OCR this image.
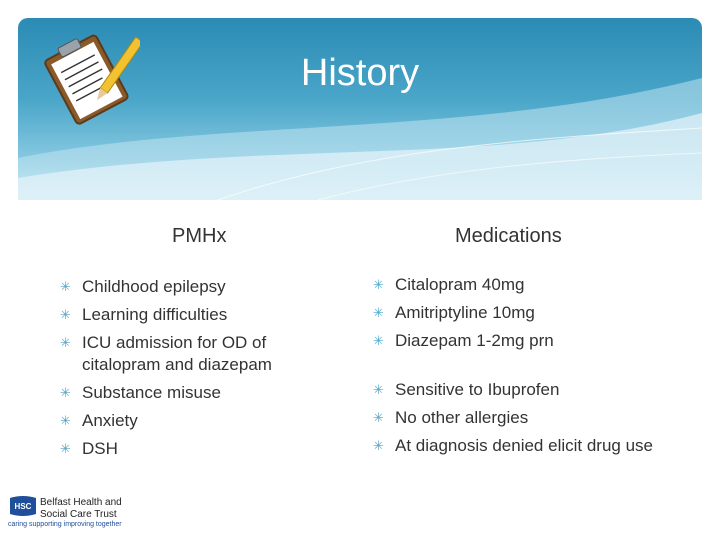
History
PMHx	Medications
✳ Childhood epilepsy
✳ Learning difficulties
✳ ICU admission for OD of citalopram and diazepam
✳ Substance misuse
✳ Anxiety
✳ DSH
✳ Citalopram 40mg
✳ Amitriptyline 10mg
✳ Diazepam 1-2mg prn
✳ Sensitive to Ibuprofen
✳ No other allergies
✳ At diagnosis denied elicit drug use
HSC Belfast Health and
Social Care Trust
caring supporting improving together
